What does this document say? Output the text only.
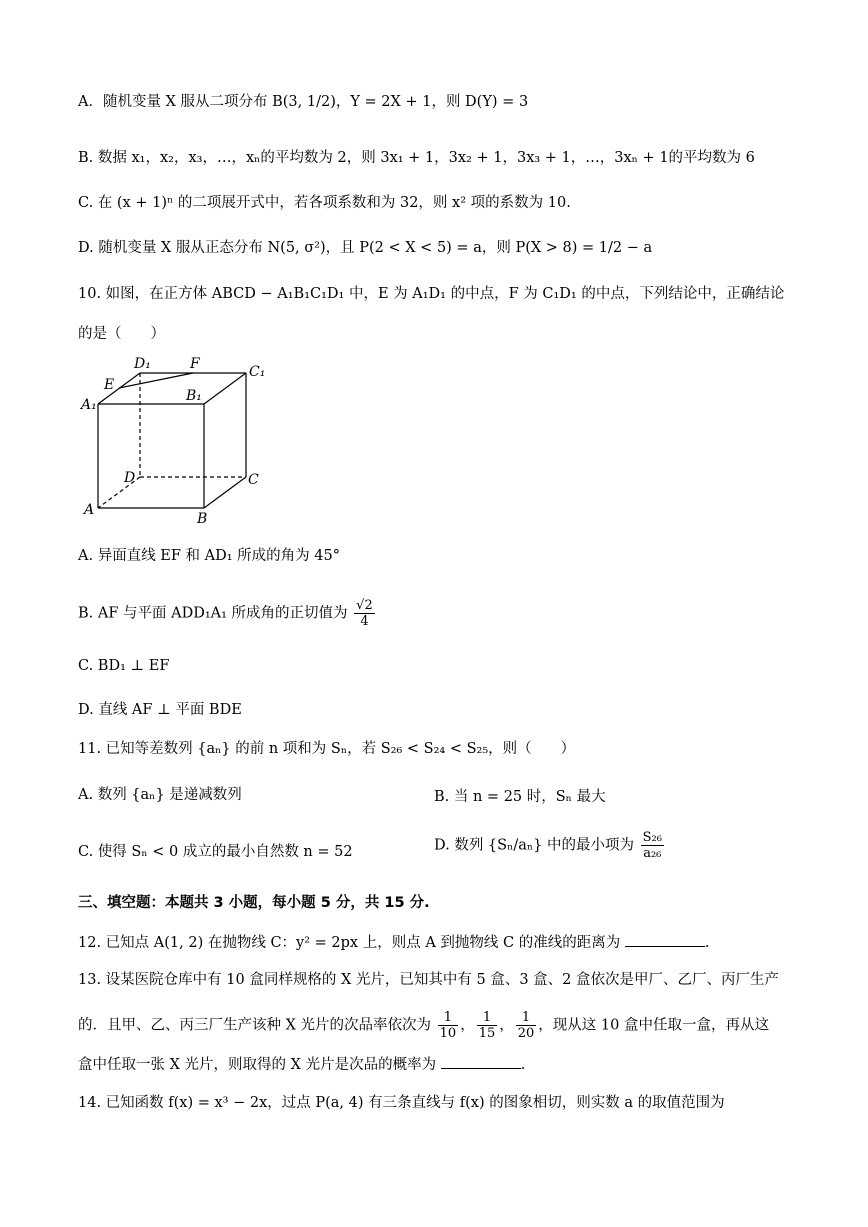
A．随机变量 X 服从二项分布 B(3, 1/2)，Y = 2X + 1，则 D(Y) = 3
B. 数据 x₁，x₂，x₃，…，xₙ的平均数为 2，则 3x₁ + 1，3x₂ + 1，3x₃ + 1，…，3xₙ + 1的平均数为 6
C. 在 (x + 1)ⁿ 的二项展开式中，若各项系数和为 32，则 x² 项的系数为 10.
D. 随机变量 X 服从正态分布 N(5, σ²)，且 P(2 < X < 5) = a，则 P(X > 8) = 1/2 − a
10. 如图，在正方体 ABCD − A₁B₁C₁D₁ 中，E 为 A₁D₁ 的中点，F 为 C₁D₁ 的中点，下列结论中，正确结论
的是（　　）
D₁	F	C₁
E
B₁
A₁
D	C
A
B
A. 异面直线 EF 和 AD₁ 所成的角为 45°
B. AF 与平面 ADD₁A₁ 所成角的正切值为 $\frac{√2}{4}$
C. BD₁ ⊥ EF
D. 直线 AF ⊥ 平面 BDE
11. 已知等差数列 {aₙ} 的前 n 项和为 Sₙ，若 S₂₆ < S₂₄ < S₂₅，则（　　）
A. 数列 {aₙ} 是递减数列	B. 当 n = 25 时，Sₙ 最大
C. 使得 Sₙ < 0 成立的最小自然数 n = 52	D. 数列 {Sₙ/aₙ} 中的最小项为 $\frac{\text{S₂₆}}{\text{a₂₆}}$
三、填空题：本题共 3 小题，每小题 5 分，共 15 分.
12. 已知点 A(1, 2) 在抛物线 C：y² = 2px 上，则点 A 到抛物线 C 的准线的距离为	.
13. 设某医院仓库中有 10 盒同样规格的 X 光片，已知其中有 5 盒、3 盒、2 盒依次是甲厂、乙厂、丙厂生产
的．且甲、乙、丙三厂生产该种 X 光片的次品率依次为 $\frac{1}{10}$ ， $\frac{1}{15}$ ， $\frac{1}{20}$ ，现从这 10 盒中任取一盒，再从这
盒中任取一张 X 光片，则取得的 X 光片是次品的概率为	.
14. 已知函数 f(x) = x³ − 2x，过点 P(a, 4) 有三条直线与 f(x) 的图象相切，则实数 a 的取值范围为
